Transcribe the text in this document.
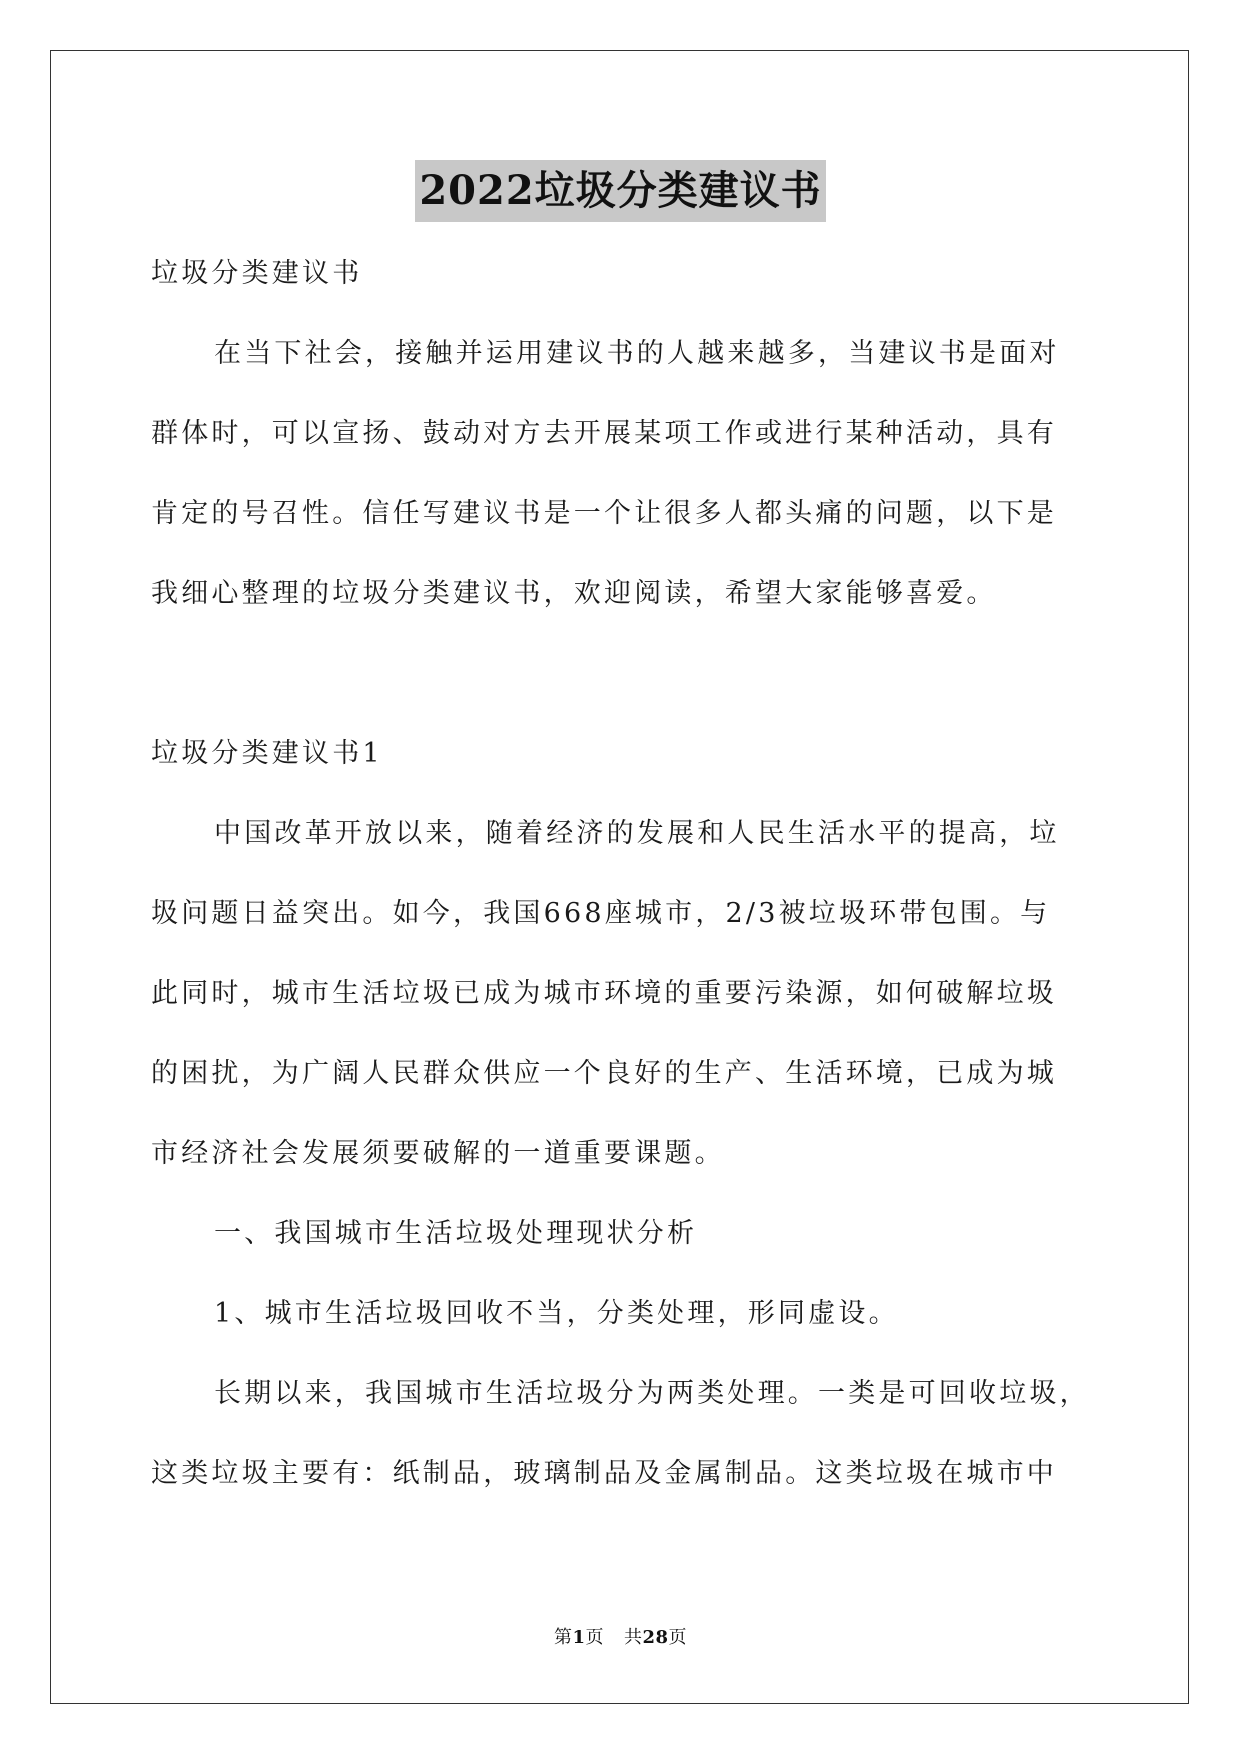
2022垃圾分类建议书
垃圾分类建议书
在当下社会，接触并运用建议书的人越来越多，当建议书是面对
群体时，可以宣扬、鼓动对方去开展某项工作或进行某种活动，具有
肯定的号召性。信任写建议书是一个让很多人都头痛的问题，以下是
我细心整理的垃圾分类建议书，欢迎阅读，希望大家能够喜爱。
垃圾分类建议书1
中国改革开放以来，随着经济的发展和人民生活水平的提高，垃
圾问题日益突出。如今，我国668座城市，2/3被垃圾环带包围。与
此同时，城市生活垃圾已成为城市环境的重要污染源，如何破解垃圾
的困扰，为广阔人民群众供应一个良好的生产、生活环境，已成为城
市经济社会发展须要破解的一道重要课题。
一、我国城市生活垃圾处理现状分析
1、城市生活垃圾回收不当，分类处理，形同虚设。
长期以来，我国城市生活垃圾分为两类处理。一类是可回收垃圾，
这类垃圾主要有：纸制品，玻璃制品及金属制品。这类垃圾在城市中
第1页 共28页
